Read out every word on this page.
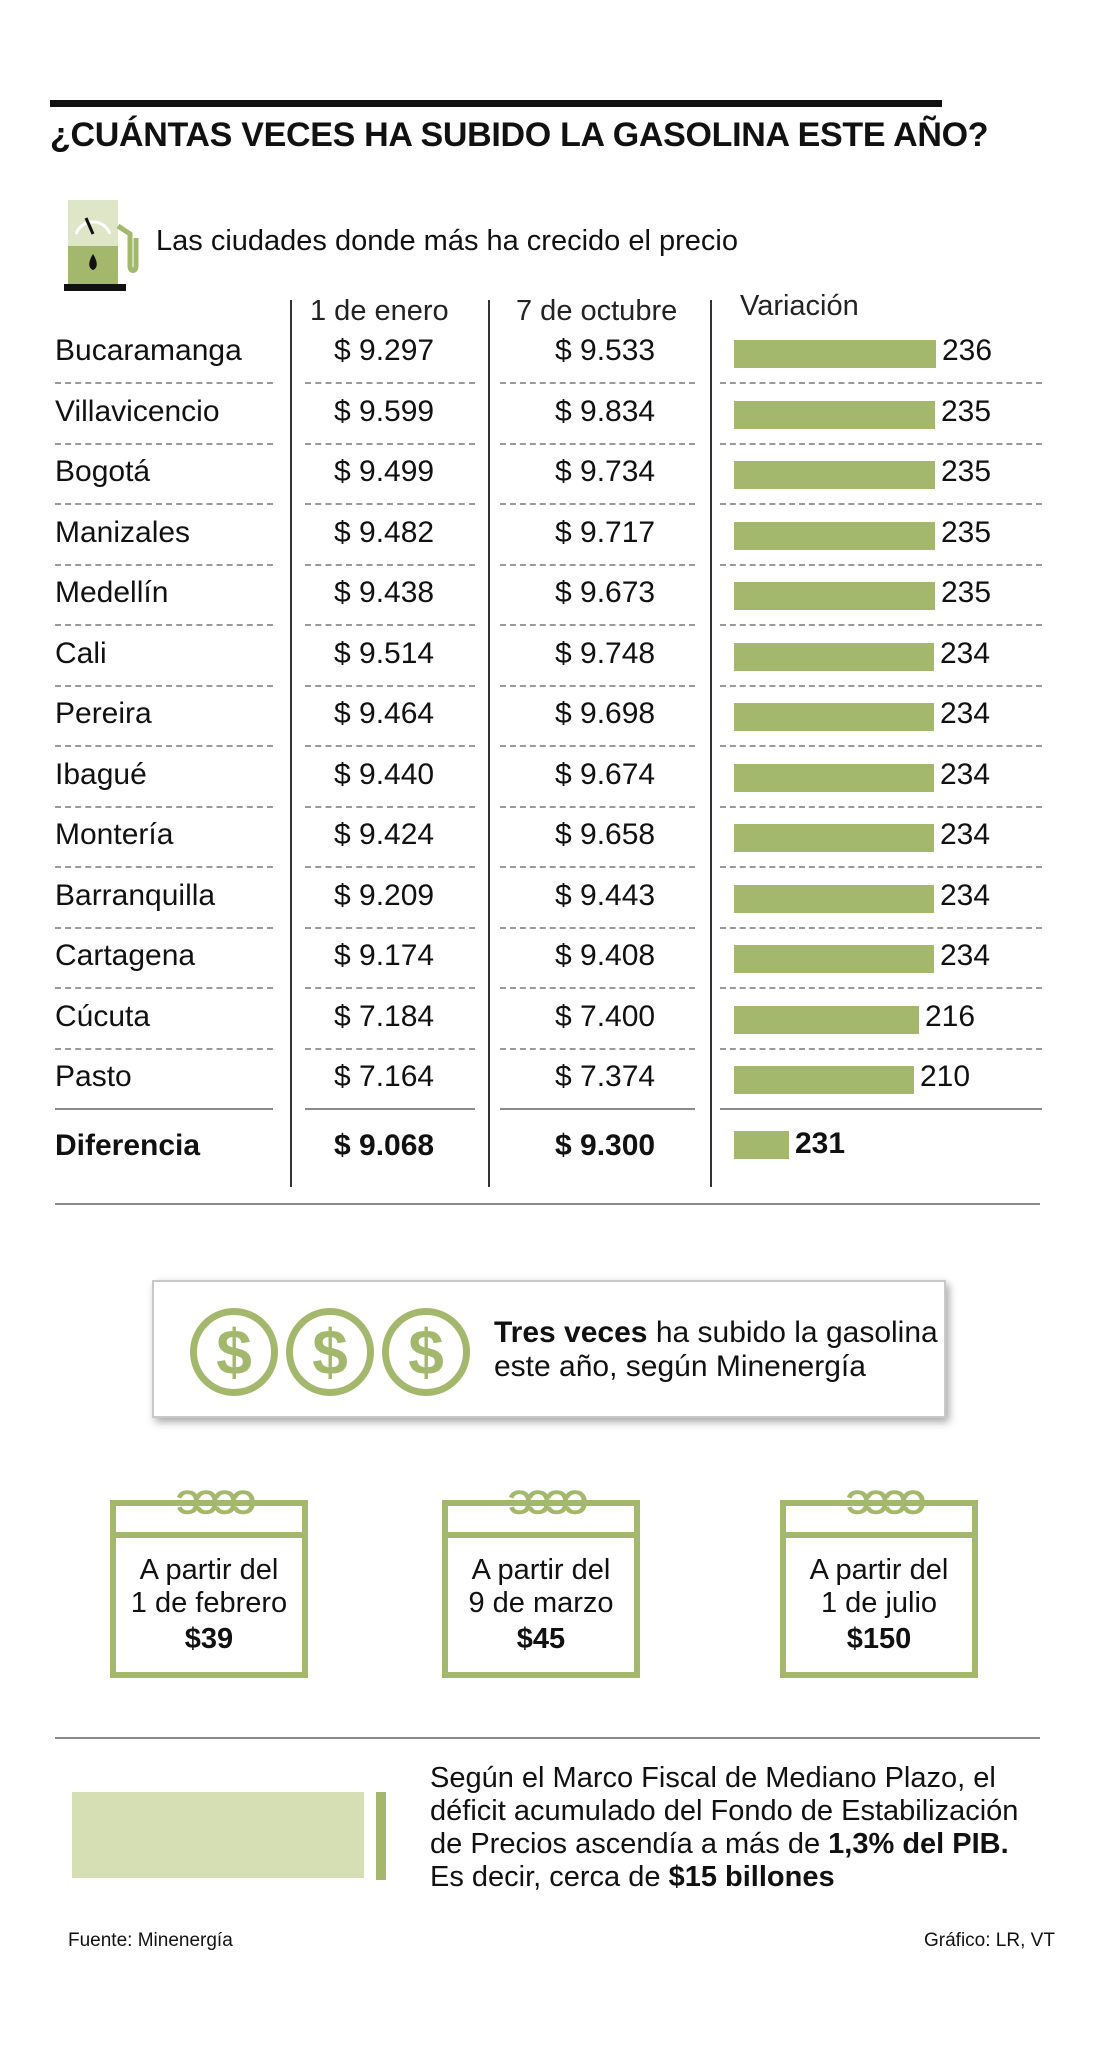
¿CUÁNTAS VECES HA SUBIDO LA GASOLINA ESTE AÑO?
Las ciudades donde más ha crecido el precio
1 de enero 7 de octubre Variación
Bucaramanga	$ 9.297	$ 9.533	236
Villavicencio	$ 9.599	$ 9.834	235
Bogotá	$ 9.499	$ 9.734	235
Manizales	$ 9.482	$ 9.717	235
Medellín	$ 9.438	$ 9.673	235
Cali	$ 9.514	$ 9.748	234
Pereira	$ 9.464	$ 9.698	234
Ibagué	$ 9.440	$ 9.674	234
Montería	$ 9.424	$ 9.658	234
Barranquilla	$ 9.209	$ 9.443	234
Cartagena	$ 9.174	$ 9.408	234
Cúcuta	$ 7.184	$ 7.400	216
Pasto	$ 7.164	$ 7.374	210
Diferencia	$ 9.068	$ 9.300	231
$ $ $	Tres veces ha subido la gasolina
este año, según Minenergía
ƆƆƆƆ
A partir del
1 de febrero
$39
ƆƆƆƆ
A partir del
9 de marzo
$45
ƆƆƆƆ
A partir del
1 de julio
$150
Según el Marco Fiscal de Mediano Plazo, el
déficit acumulado del Fondo de Estabilización
de Precios ascendía a más de 1,3% del PIB.
Es decir, cerca de $15 billones
Fuente: Minenergía	Gráfico: LR, VT
